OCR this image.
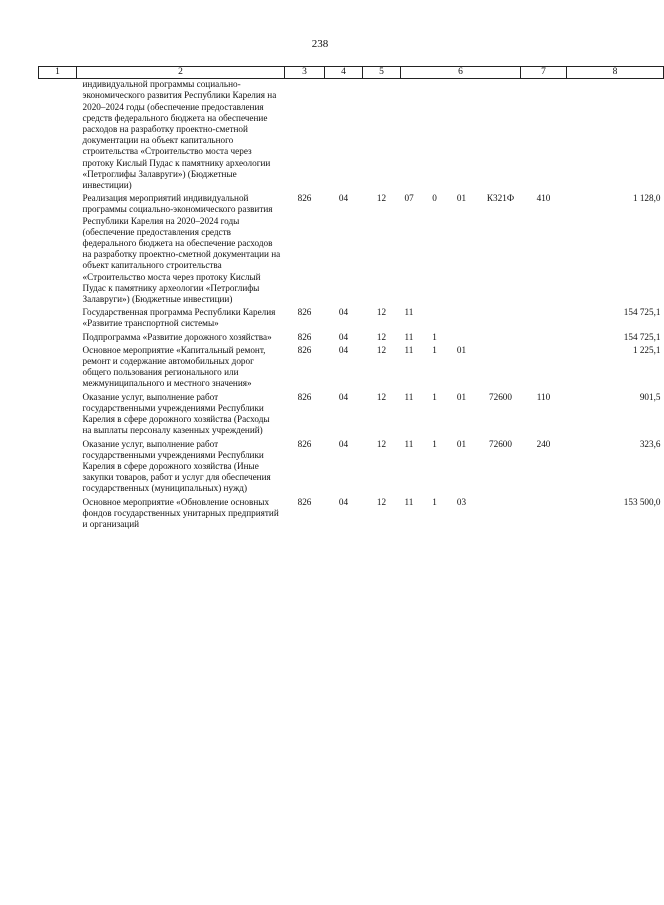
238
1	2	3	4	5	6				7	8
	индивидуальной программы социально-экономического развития Республики Карелия на 2020–2024 годы (обеспечение предоставления средств федерального бюджета на обеспечение расходов на разработку проектно-сметной документации на объект капитального строительства «Строительство моста через протоку Кислый Пудас к памятнику археологии «Петроглифы Залавруги») (Бюджетные инвестиции)									
	Реализация мероприятий индивидуальной программы социально-экономического развития Республики Карелия на 2020–2024 годы (обеспечение предоставления средств федерального бюджета на обеспечение расходов на разработку проектно-сметной документации на объект капитального строительства «Строительство моста через протоку Кислый Пудас к памятнику археологии «Петроглифы Залавруги») (Бюджетные инвестиции)	826	04	12	07	0	01	К321Ф	410	1 128,0
	Государственная программа Республики Карелия «Развитие транспортной системы»	826	04	12	11					154 725,1
	Подпрограмма «Развитие дорожного хозяйства»	826	04	12	11	1				154 725,1
	Основное мероприятие «Капитальный ремонт, ремонт и содержание автомобильных дорог общего пользования регионального или межмуниципального и местного значения»	826	04	12	11	1	01			1 225,1
	Оказание услуг, выполнение работ государственными учреждениями Республики Карелия в сфере дорожного хозяйства (Расходы на выплаты персоналу казенных учреждений)	826	04	12	11	1	01	72600	110	901,5
	Оказание услуг, выполнение работ государственными учреждениями Республики Карелия в сфере дорожного хозяйства (Иные закупки товаров, работ и услуг для обеспечения государственных (муниципальных) нужд)	826	04	12	11	1	01	72600	240	323,6
	Основное мероприятие «Обновление основных фондов государственных унитарных предприятий и организаций	826	04	12	11	1	03			153 500,0
